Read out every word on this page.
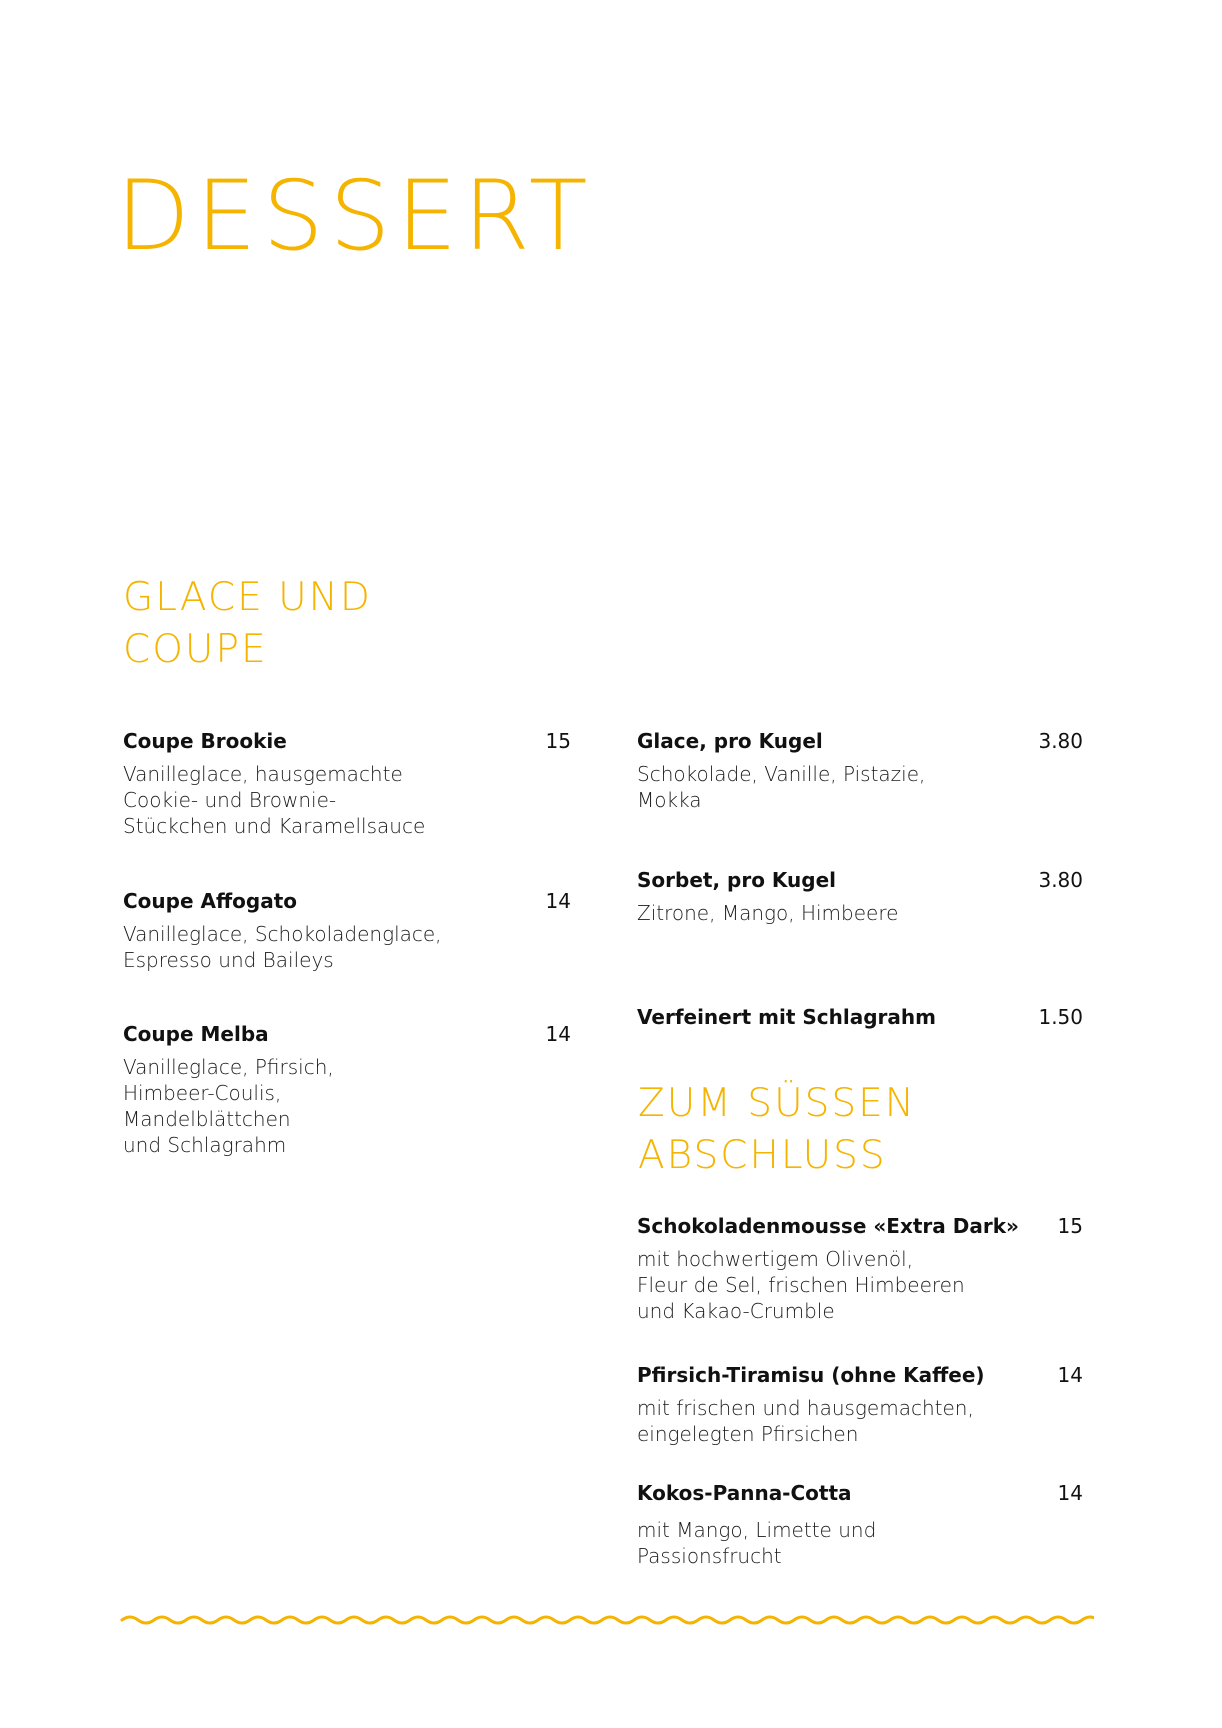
DESSERT
GLACE UND
COUPE
Coupe Brookie	15
Vanilleglace, hausgemachte
Cookie- und Brownie-
Stückchen und Karamellsauce
Coupe Affogato	14
Vanilleglace, Schokoladenglace,
Espresso und Baileys
Coupe Melba	14
Vanilleglace, Pfirsich,
Himbeer-Coulis,
Mandelblättchen
und Schlagrahm
Glace, pro Kugel	3.80
Schokolade, Vanille, Pistazie,
Mokka
Sorbet, pro Kugel	3.80
Zitrone, Mango, Himbeere
Verfeinert mit Schlagrahm	1.50
ZUM SÜSSEN
ABSCHLUSS
Schokoladenmousse «Extra Dark» 15
mit hochwertigem Olivenöl,
Fleur de Sel, frischen Himbeeren
und Kakao-Crumble
Pfirsich-Tiramisu (ohne Kaffee)	14
mit frischen und hausgemachten,
eingelegten Pfirsichen
Kokos-Panna-Cotta	14
mit Mango, Limette und
Passionsfrucht
